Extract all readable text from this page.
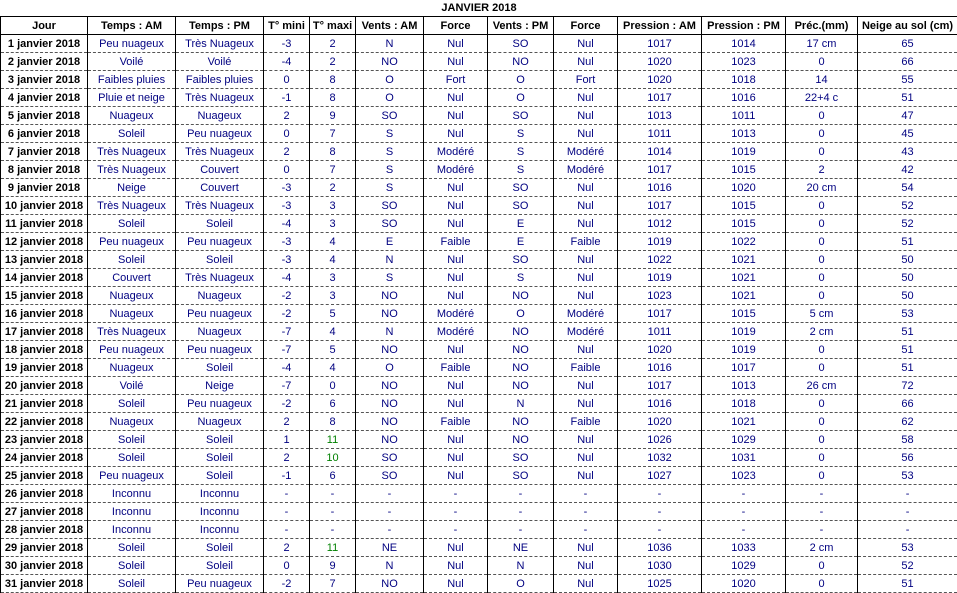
JANVIER 2018												
Jour	Temps : AM	Temps : PM	T° mini	T° maxi	Vents : AM	Force	Vents : PM	Force	Pression : AM	Pression : PM	Préc.(mm)	Neige au sol (cm)
1 janvier 2018	Peu nuageux	Très Nuageux	-3	2	N	Nul	SO	Nul	1017	1014	17 cm	65
2 janvier 2018	Voilé	Voilé	-4	2	NO	Nul	NO	Nul	1020	1023	0	66
3 janvier 2018	Faibles pluies	Faibles pluies	0	8	O	Fort	O	Fort	1020	1018	14	55
4 janvier 2018	Pluie et neige	Très Nuageux	-1	8	O	Nul	O	Nul	1017	1016	22+4 c	51
5 janvier 2018	Nuageux	Nuageux	2	9	SO	Nul	SO	Nul	1013	1011	0	47
6 janvier 2018	Soleil	Peu nuageux	0	7	S	Nul	S	Nul	1011	1013	0	45
7 janvier 2018	Très Nuageux	Très Nuageux	2	8	S	Modéré	S	Modéré	1014	1019	0	43
8 janvier 2018	Très Nuageux	Couvert	0	7	S	Modéré	S	Modéré	1017	1015	2	42
9 janvier 2018	Neige	Couvert	-3	2	S	Nul	SO	Nul	1016	1020	20 cm	54
10 janvier 2018	Très Nuageux	Très Nuageux	-3	3	SO	Nul	SO	Nul	1017	1015	0	52
11 janvier 2018	Soleil	Soleil	-4	3	SO	Nul	E	Nul	1012	1015	0	52
12 janvier 2018	Peu nuageux	Peu nuageux	-3	4	E	Faible	E	Faible	1019	1022	0	51
13 janvier 2018	Soleil	Soleil	-3	4	N	Nul	SO	Nul	1022	1021	0	50
14 janvier 2018	Couvert	Très Nuageux	-4	3	S	Nul	S	Nul	1019	1021	0	50
15 janvier 2018	Nuageux	Nuageux	-2	3	NO	Nul	NO	Nul	1023	1021	0	50
16 janvier 2018	Nuageux	Peu nuageux	-2	5	NO	Modéré	O	Modéré	1017	1015	5 cm	53
17 janvier 2018	Très Nuageux	Nuageux	-7	4	N	Modéré	NO	Modéré	1011	1019	2 cm	51
18 janvier 2018	Peu nuageux	Peu nuageux	-7	5	NO	Nul	NO	Nul	1020	1019	0	51
19 janvier 2018	Nuageux	Soleil	-4	4	O	Faible	NO	Faible	1016	1017	0	51
20 janvier 2018	Voilé	Neige	-7	0	NO	Nul	NO	Nul	1017	1013	26 cm	72
21 janvier 2018	Soleil	Peu nuageux	-2	6	NO	Nul	N	Nul	1016	1018	0	66
22 janvier 2018	Nuageux	Nuageux	2	8	NO	Faible	NO	Faible	1020	1021	0	62
23 janvier 2018	Soleil	Soleil	1	11	NO	Nul	NO	Nul	1026	1029	0	58
24 janvier 2018	Soleil	Soleil	2	10	SO	Nul	SO	Nul	1032	1031	0	56
25 janvier 2018	Peu nuageux	Soleil	-1	6	SO	Nul	SO	Nul	1027	1023	0	53
26 janvier 2018	Inconnu	Inconnu	-	-	-	-	-	-	-	-	-	-
27 janvier 2018	Inconnu	Inconnu	-	-	-	-	-	-	-	-	-	-
28 janvier 2018	Inconnu	Inconnu	-	-	-	-	-	-	-	-	-	-
29 janvier 2018	Soleil	Soleil	2	11	NE	Nul	NE	Nul	1036	1033	2 cm	53
30 janvier 2018	Soleil	Soleil	0	9	N	Nul	N	Nul	1030	1029	0	52
31 janvier 2018	Soleil	Peu nuageux	-2	7	NO	Nul	O	Nul	1025	1020	0	51
